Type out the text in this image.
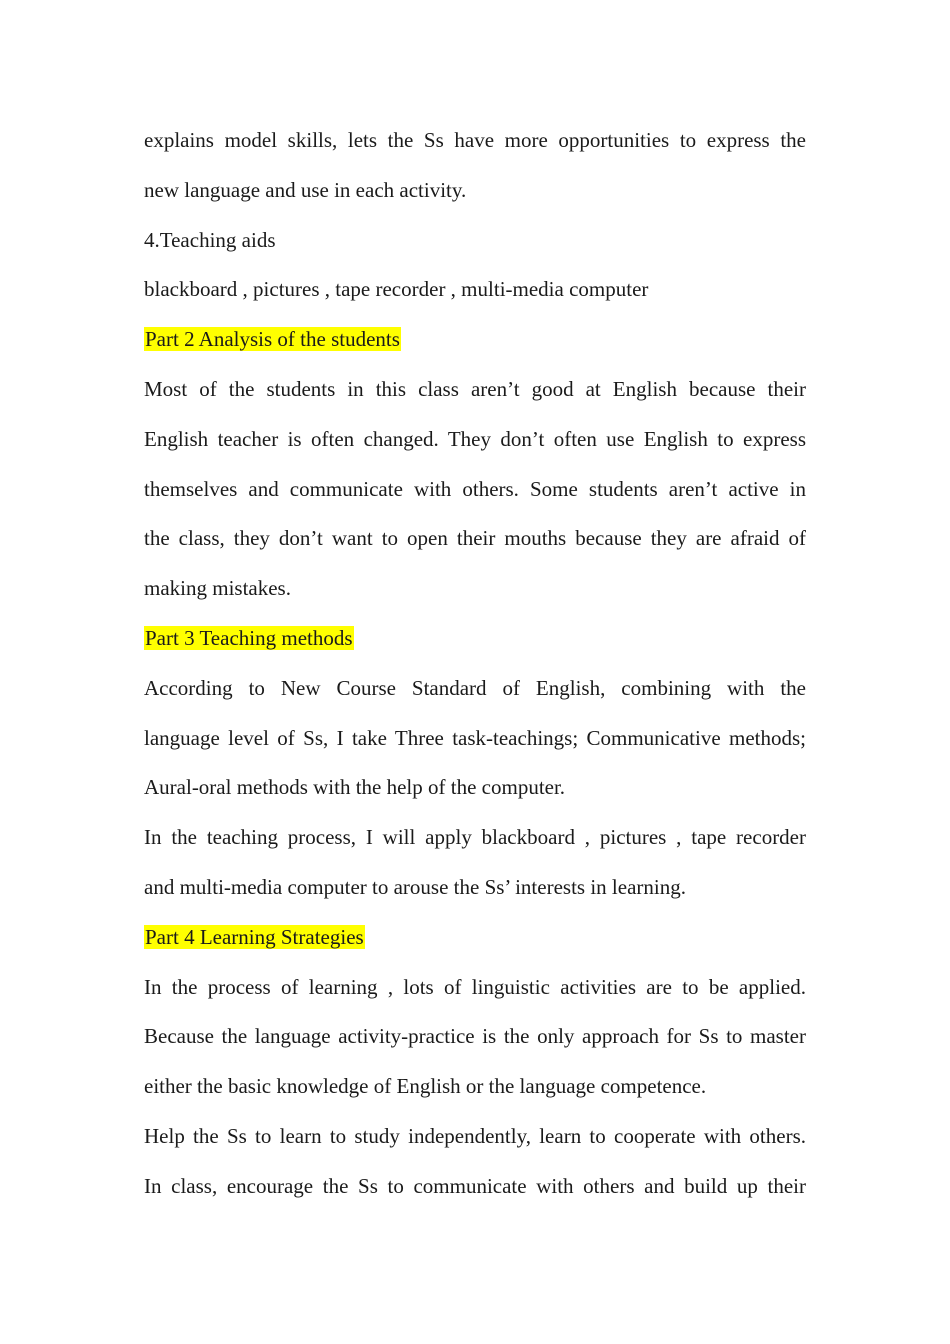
explains model skills, lets the Ss have more opportunities to express the
new language and use in each activity.
4.Teaching aids
blackboard , pictures , tape recorder , multi-media computer
Part 2 Analysis of the students
Most of the students in this class aren’t good at English because their
English teacher is often changed. They don’t often use English to express
themselves and communicate with others. Some students aren’t active in
the class, they don’t want to open their mouths because they are afraid of
making mistakes.
Part 3 Teaching methods
According to New Course Standard of English, combining with the
language level of Ss, I take Three task-teachings; Communicative methods;
Aural-oral methods with the help of the computer.
In the teaching process, I will apply blackboard , pictures , tape recorder
and multi-media computer to arouse the Ss’ interests in learning.
Part 4 Learning Strategies
In the process of learning , lots of linguistic activities are to be applied.
Because the language activity-practice is the only approach for Ss to master
either the basic knowledge of English or the language competence.
Help the Ss to learn to study independently, learn to cooperate with others.
In class, encourage the Ss to communicate with others and build up their
